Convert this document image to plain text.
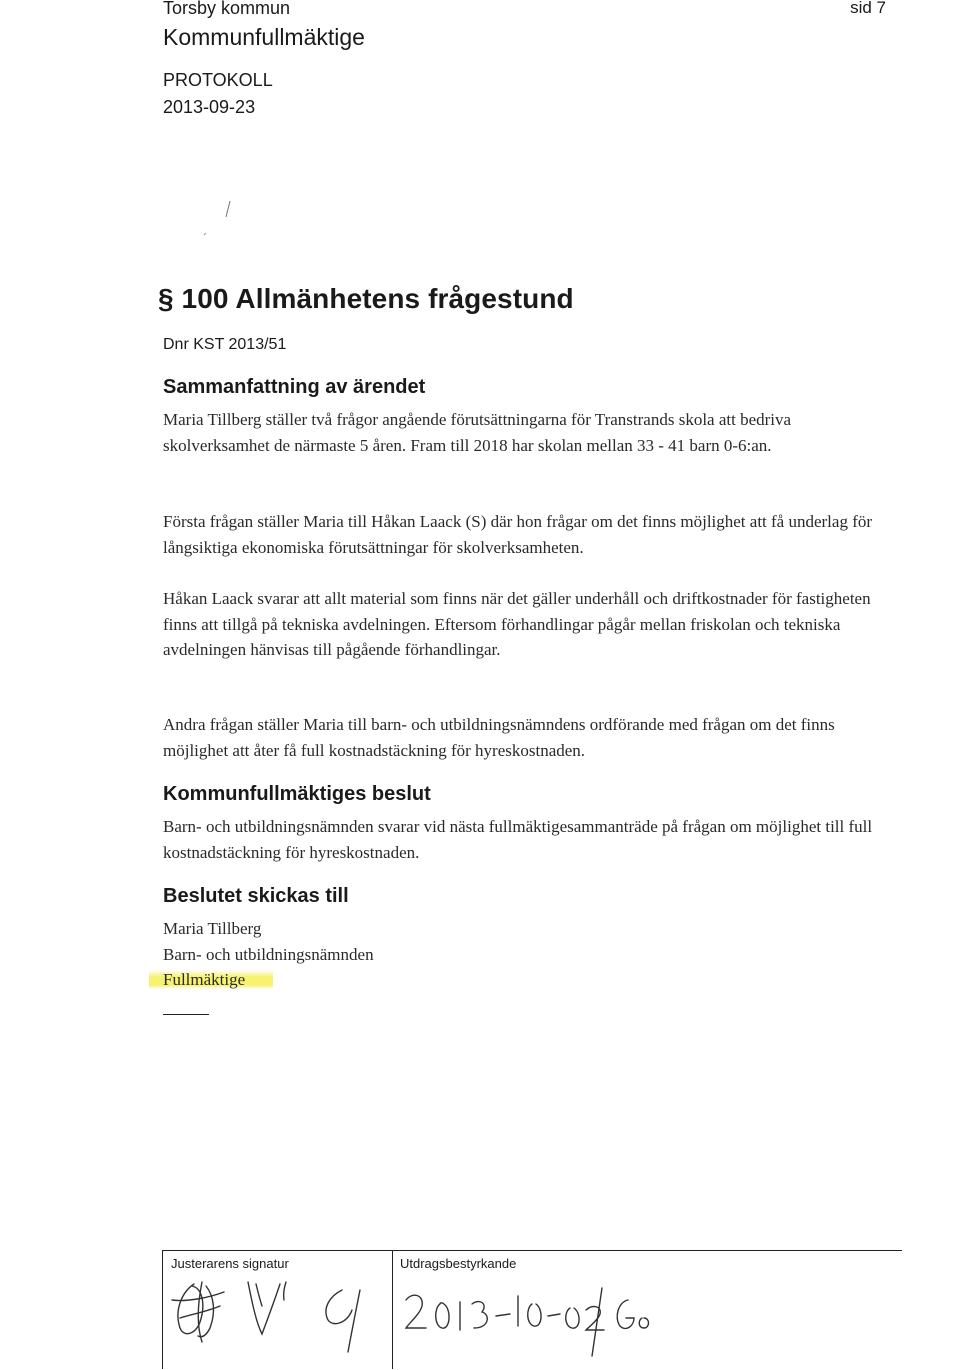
Torsby kommun	sid 7
Kommunfullmäktige
PROTOKOLL
2013-09-23
§ 100 Allmänhetens frågestund
Dnr KST 2013/51
Sammanfattning av ärendet
Maria Tillberg ställer två frågor angående förutsättningarna för Transtrands skola att bedriva skolverksamhet de närmaste 5 åren. Fram till 2018 har skolan mellan 33 - 41 barn 0-6:an.
Första frågan ställer Maria till Håkan Laack (S) där hon frågar om det finns möjlighet att få underlag för långsiktiga ekonomiska förutsättningar för skolverksamheten.
Håkan Laack svarar att allt material som finns när det gäller underhåll och driftkostnader för fastigheten finns att tillgå på tekniska avdelningen. Eftersom förhandlingar pågår mellan friskolan och tekniska avdelningen hänvisas till pågående förhandlingar.
Andra frågan ställer Maria till barn- och utbildningsnämndens ordförande med frågan om det finns möjlighet att åter få full kostnadstäckning för hyreskostnaden.
Kommunfullmäktiges beslut
Barn- och utbildningsnämnden svarar vid nästa fullmäktigesammanträde på frågan om möjlighet till full kostnadstäckning för hyreskostnaden.
Beslutet skickas till
Maria Tillberg
Barn- och utbildningsnämnden
Fullmäktige
Justerarens signatur	Utdragsbestyrkande
